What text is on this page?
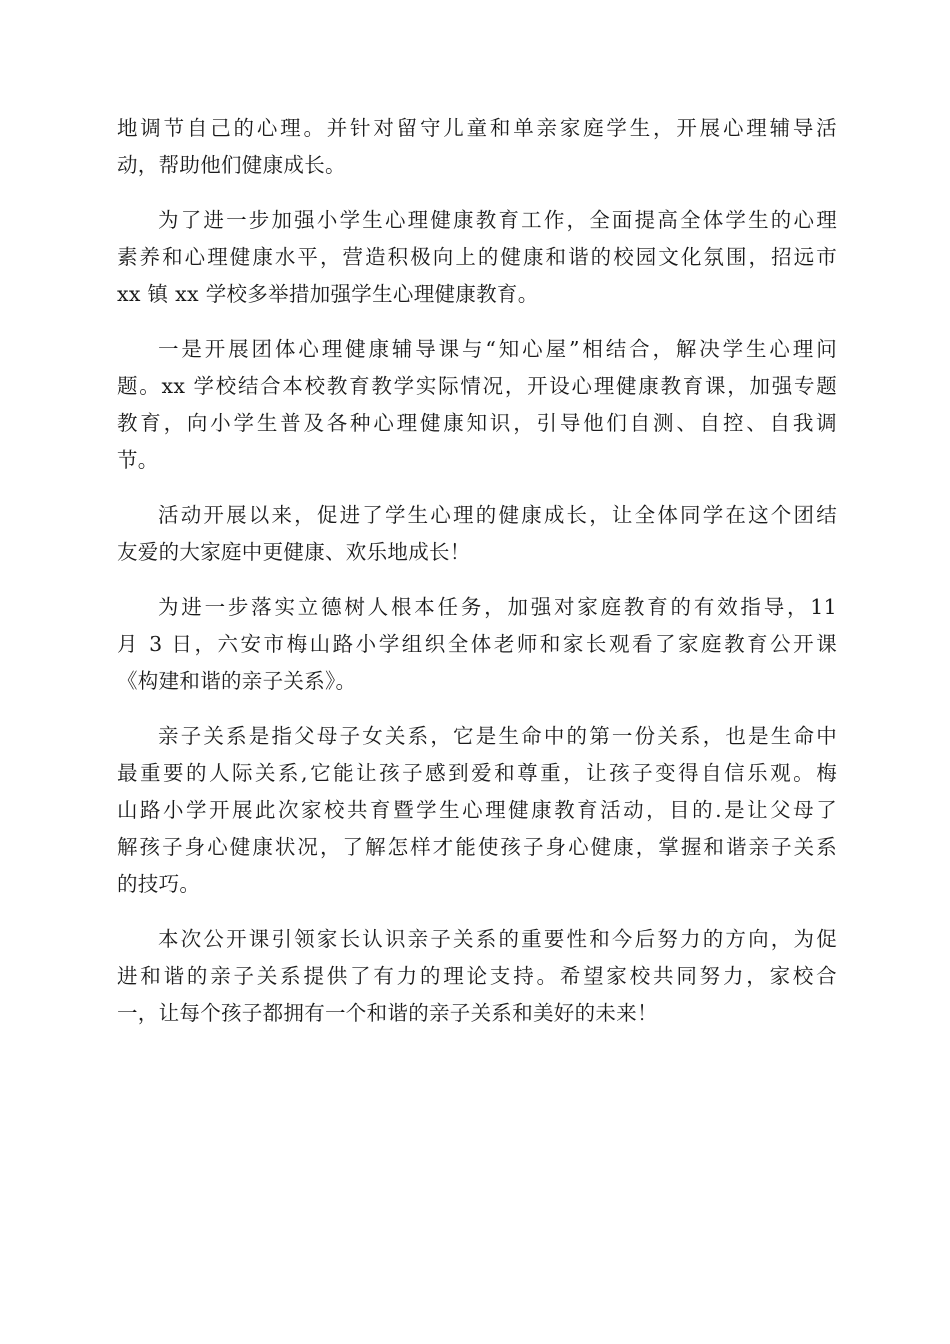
地调节自己的心理。并针对留守儿童和单亲家庭学生，开展心理辅导活
动，帮助他们健康成长。

为了进一步加强小学生心理健康教育工作，全面提高全体学生的心理
素养和心理健康水平，营造积极向上的健康和谐的校园文化氛围，招远市
xx 镇 xx 学校多举措加强学生心理健康教育。

一是开展团体心理健康辅导课与“知心屋”相结合，解决学生心理问
题。xx 学校结合本校教育教学实际情况，开设心理健康教育课，加强专题
教育，向小学生普及各种心理健康知识，引导他们自测、自控、自我调
节。

活动开展以来，促进了学生心理的健康成长，让全体同学在这个团结
友爱的大家庭中更健康、欢乐地成长！

为进一步落实立德树人根本任务，加强对家庭教育的有效指导，11
月 3 日，六安市梅山路小学组织全体老师和家长观看了家庭教育公开课
《构建和谐的亲子关系》。

亲子关系是指父母子女关系，它是生命中的第一份关系，也是生命中
最重要的人际关系,它能让孩子感到爱和尊重，让孩子变得自信乐观。梅
山路小学开展此次家校共育暨学生心理健康教育活动，目的.是让父母了
解孩子身心健康状况，了解怎样才能使孩子身心健康，掌握和谐亲子关系
的技巧。

本次公开课引领家长认识亲子关系的重要性和今后努力的方向，为促
进和谐的亲子关系提供了有力的理论支持。希望家校共同努力，家校合
一，让每个孩子都拥有一个和谐的亲子关系和美好的未来！
